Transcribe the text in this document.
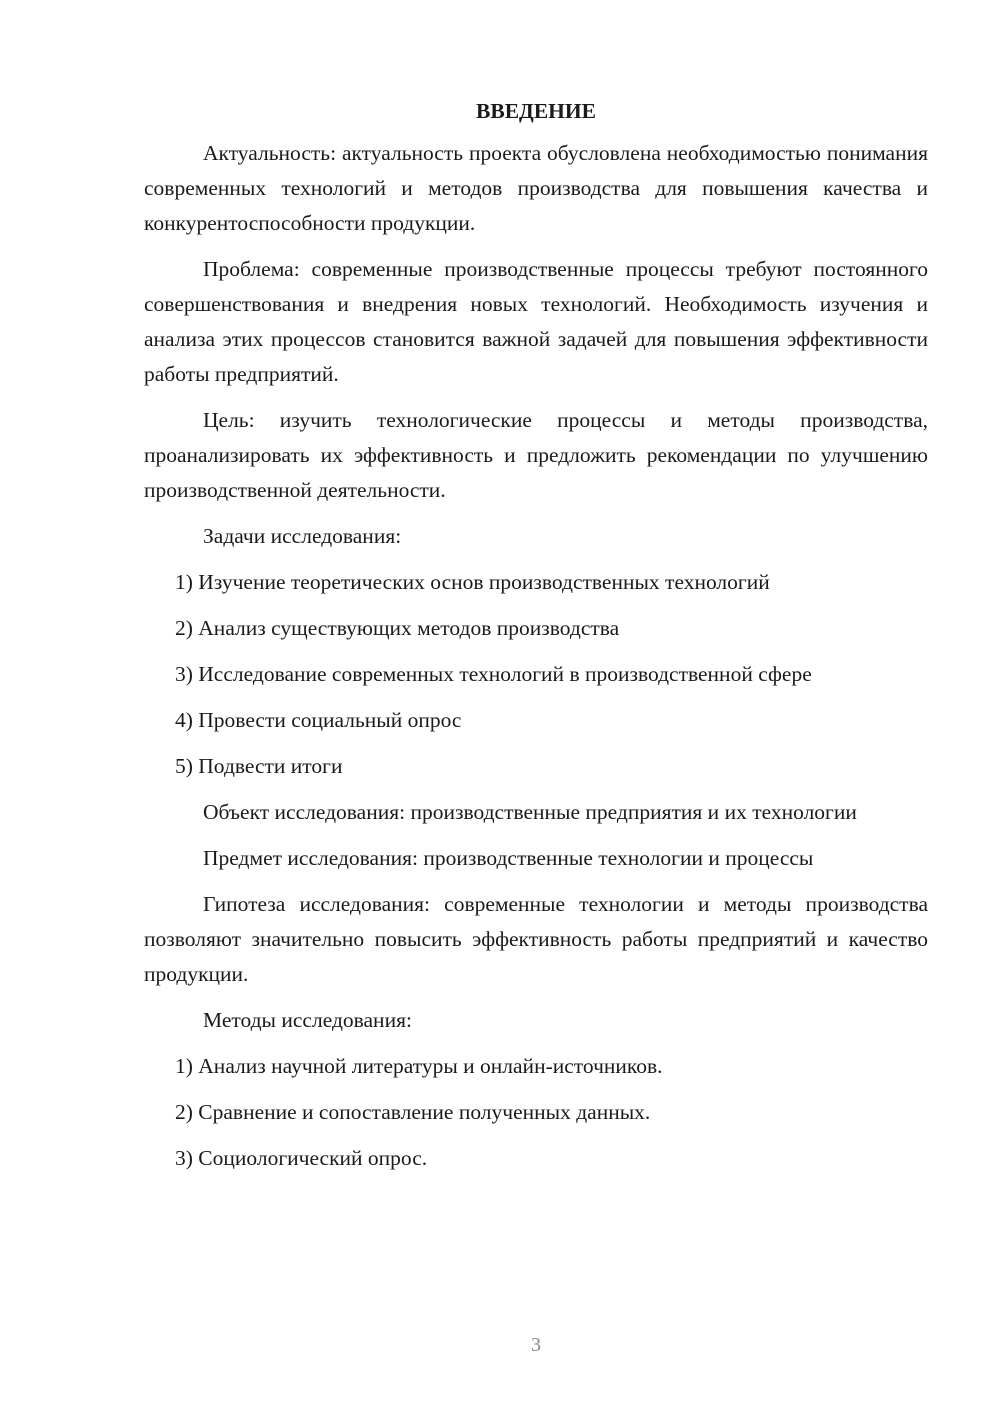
ВВЕДЕНИЕ

Актуальность: актуальность проекта обусловлена необходимостью понимания современных технологий и методов производства для повышения качества и конкурентоспособности продукции.

Проблема: современные производственные процессы требуют постоянного совершенствования и внедрения новых технологий. Необходимость изучения и анализа этих процессов становится важной задачей для повышения эффективности работы предприятий.

Цель: изучить технологические процессы и методы производства, проанализировать их эффективность и предложить рекомендации по улучшению производственной деятельности.

Задачи исследования:

1) Изучение теоретических основ производственных технологий

2) Анализ существующих методов производства

3) Исследование современных технологий в производственной сфере

4) Провести социальный опрос

5) Подвести итоги

Объект исследования: производственные предприятия и их технологии

Предмет исследования: производственные технологии и процессы

Гипотеза исследования: современные технологии и методы производства позволяют значительно повысить эффективность работы предприятий и качество продукции.

Методы исследования:

1) Анализ научной литературы и онлайн-источников.

2) Сравнение и сопоставление полученных данных.

3) Социологический опрос.

3
